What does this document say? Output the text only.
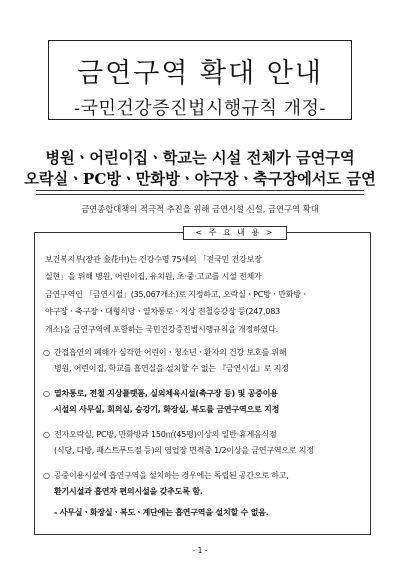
금연구역 확대 안내
-국민건강증진법시행규칙 개정-
병원ㆍ어린이집ㆍ학교는 시설 전체가 금연구역
오락실ㆍPC방ㆍ만화방ㆍ야구장ㆍ축구장에서도 금연
금연종합대책의 적극적 추진을 위해 금연시설 신설, 금연구역 확대
< 주 요 내 용 >
보건복지부(장관 金花中)는 건강수명 75세의 「전국민 건강보장
실현」을 위해 병원, 어린이집, 유치원, 초·중·고교를 시설 전체가
금연구역인 「금연시설」(35,067개소)로 지정하고, 오락실ㆍPC방ㆍ만화방ㆍ
야구장ㆍ축구장ㆍ대형식당ㆍ열차통로ㆍ지상 전철승강장 등(247,083
개소)을 금연구역에 포함하는 국민건강증진법시행규칙을 개정하였다.
○ 간접흡연의 폐해가 심각한 어린이ㆍ청소년ㆍ환자의 건강 보호를 위해
병원, 어린이집, 학교를 흡연실을 설치할 수 없는 『금연시설』로 지정
○ 열차통로, 전철 지상플랫폼, 실외체육시설(축구장 등) 및 공중이용
시설의 사무실, 회의실, 승강기, 화장실, 복도를 금연구역으로 지정
○ 전자오락실, PC방, 만화방과 150㎡(45평)이상의 일반·휴게음식점
(식당, 다방, 패스트푸드점 등)의 영업장 면적중 1/2이상을 금연구역으로 지정
○ 공중이용시설에 흡연구역을 설치하는 경우에는 독립된 공간으로 하고,
환기시설과 흡연자 편의시설을 갖추도록 함.
- 사무실ㆍ화장실ㆍ복도ㆍ계단에는 흡연구역을 설치할 수 없음.
- 1 -
